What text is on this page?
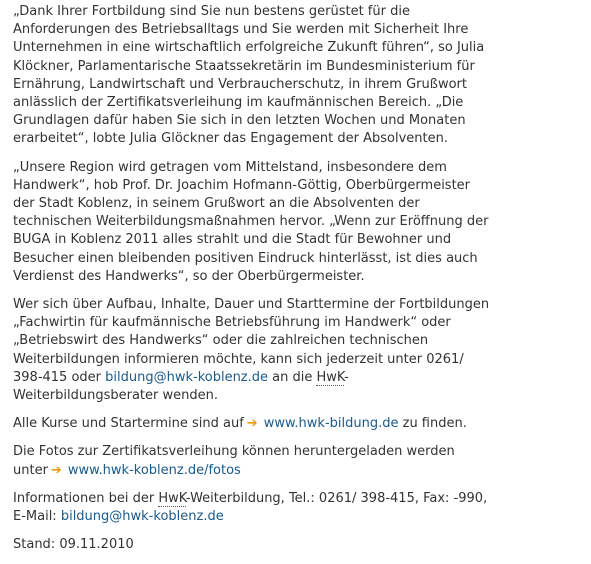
„Dank Ihrer Fortbildung sind Sie nun bestens gerüstet für die Anforderungen des Betriebsalltags und Sie werden mit Sicherheit Ihre Unternehmen in eine wirtschaftlich erfolgreiche Zukunft führen“, so Julia Klöckner, Parlamentarische Staatssekretärin im Bundesministerium für Ernährung, Landwirtschaft und Verbraucherschutz, in ihrem Grußwort anlässlich der Zertifikatsverleihung im kaufmännischen Bereich. „Die Grundlagen dafür haben Sie sich in den letzten Wochen und Monaten erarbeitet“, lobte Julia Glöckner das Engagement der Absolventen.

„Unsere Region wird getragen vom Mittelstand, insbesondere dem Handwerk“, hob Prof. Dr. Joachim Hofmann-Göttig, Oberbürgermeister der Stadt Koblenz, in seinem Grußwort an die Absolventen der technischen Weiterbildungsmaßnahmen hervor. „Wenn zur Eröffnung der BUGA in Koblenz 2011 alles strahlt und die Stadt für Bewohner und Besucher einen bleibenden positiven Eindruck hinterlässt, ist dies auch Verdienst des Handwerks“, so der Oberbürgermeister.

Wer sich über Aufbau, Inhalte, Dauer und Starttermine der Fortbildungen „Fachwirtin für kaufmännische Betriebsführung im Handwerk“ oder „Betriebswirt des Handwerks“ oder die zahlreichen technischen Weiterbildungen informieren möchte, kann sich jederzeit unter 0261/ 398-415 oder bildung@hwk-koblenz.de an die HwK-Weiterbildungsberater wenden.

Alle Kurse und Startermine sind auf ➔ www.hwk-bildung.de zu finden.

Die Fotos zur Zertifikatsverleihung können heruntergeladen werden unter ➔ www.hwk-koblenz.de/fotos

Informationen bei der HwK-Weiterbildung, Tel.: 0261/ 398-415, Fax: -990, E-Mail: bildung@hwk-koblenz.de

Stand: 09.11.2010
